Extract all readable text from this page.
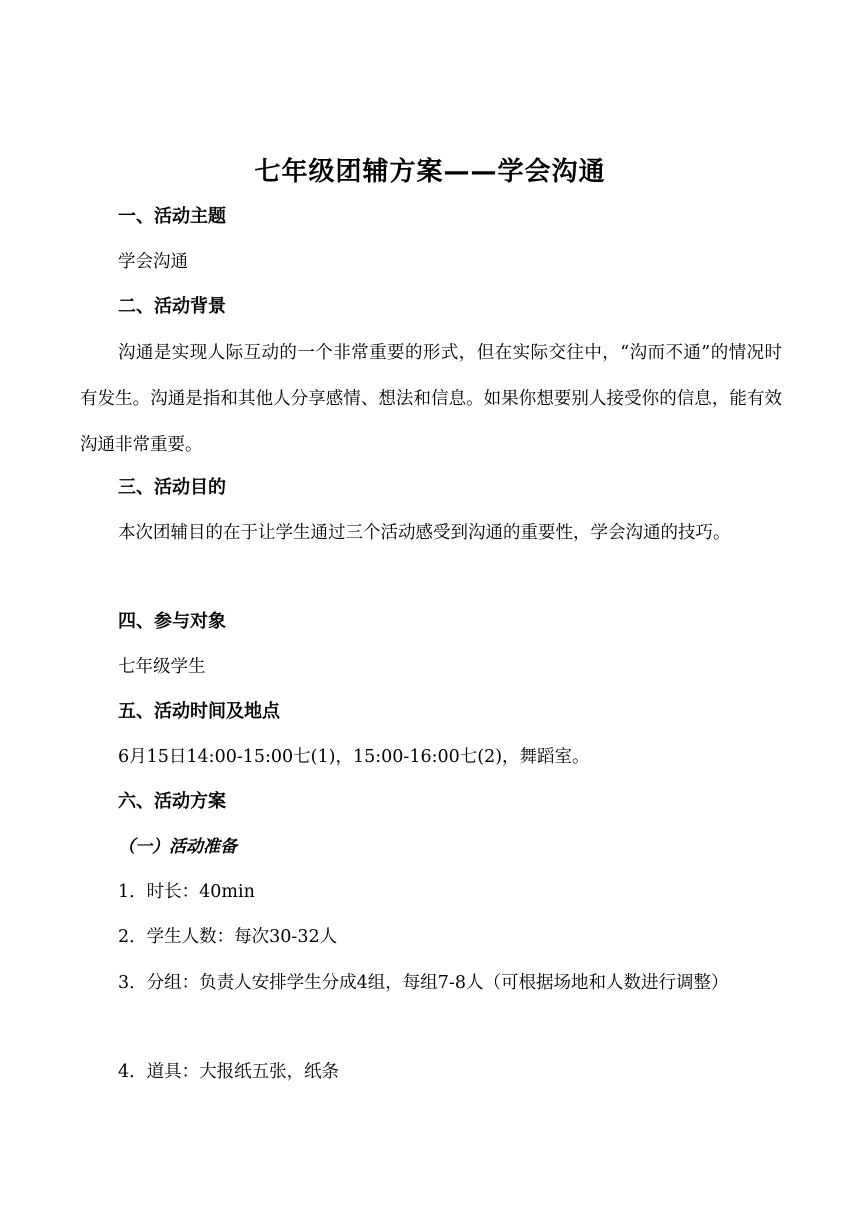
七年级团辅方案——学会沟通
一、活动主题

学会沟通

二、活动背景

沟通是实现人际互动的一个非常重要的形式，但在实际交往中，“沟而不通”的情况时有发生。沟通是指和其他人分享感情、想法和信息。如果你想要别人接受你的信息，能有效沟通非常重要。

三、活动目的

本次团辅目的在于让学生通过三个活动感受到沟通的重要性，学会沟通的技巧。

四、参与对象

七年级学生

五、活动时间及地点

6月15日14:00-15:00七(1)，15:00-16:00七(2)，舞蹈室。

六、活动方案
（一）活动准备

1．时长：40min

2．学生人数：每次30-32人

3．分组：负责人安排学生分成4组，每组7-8人（可根据场地和人数进行调整）

4．道具：大报纸五张，纸条
